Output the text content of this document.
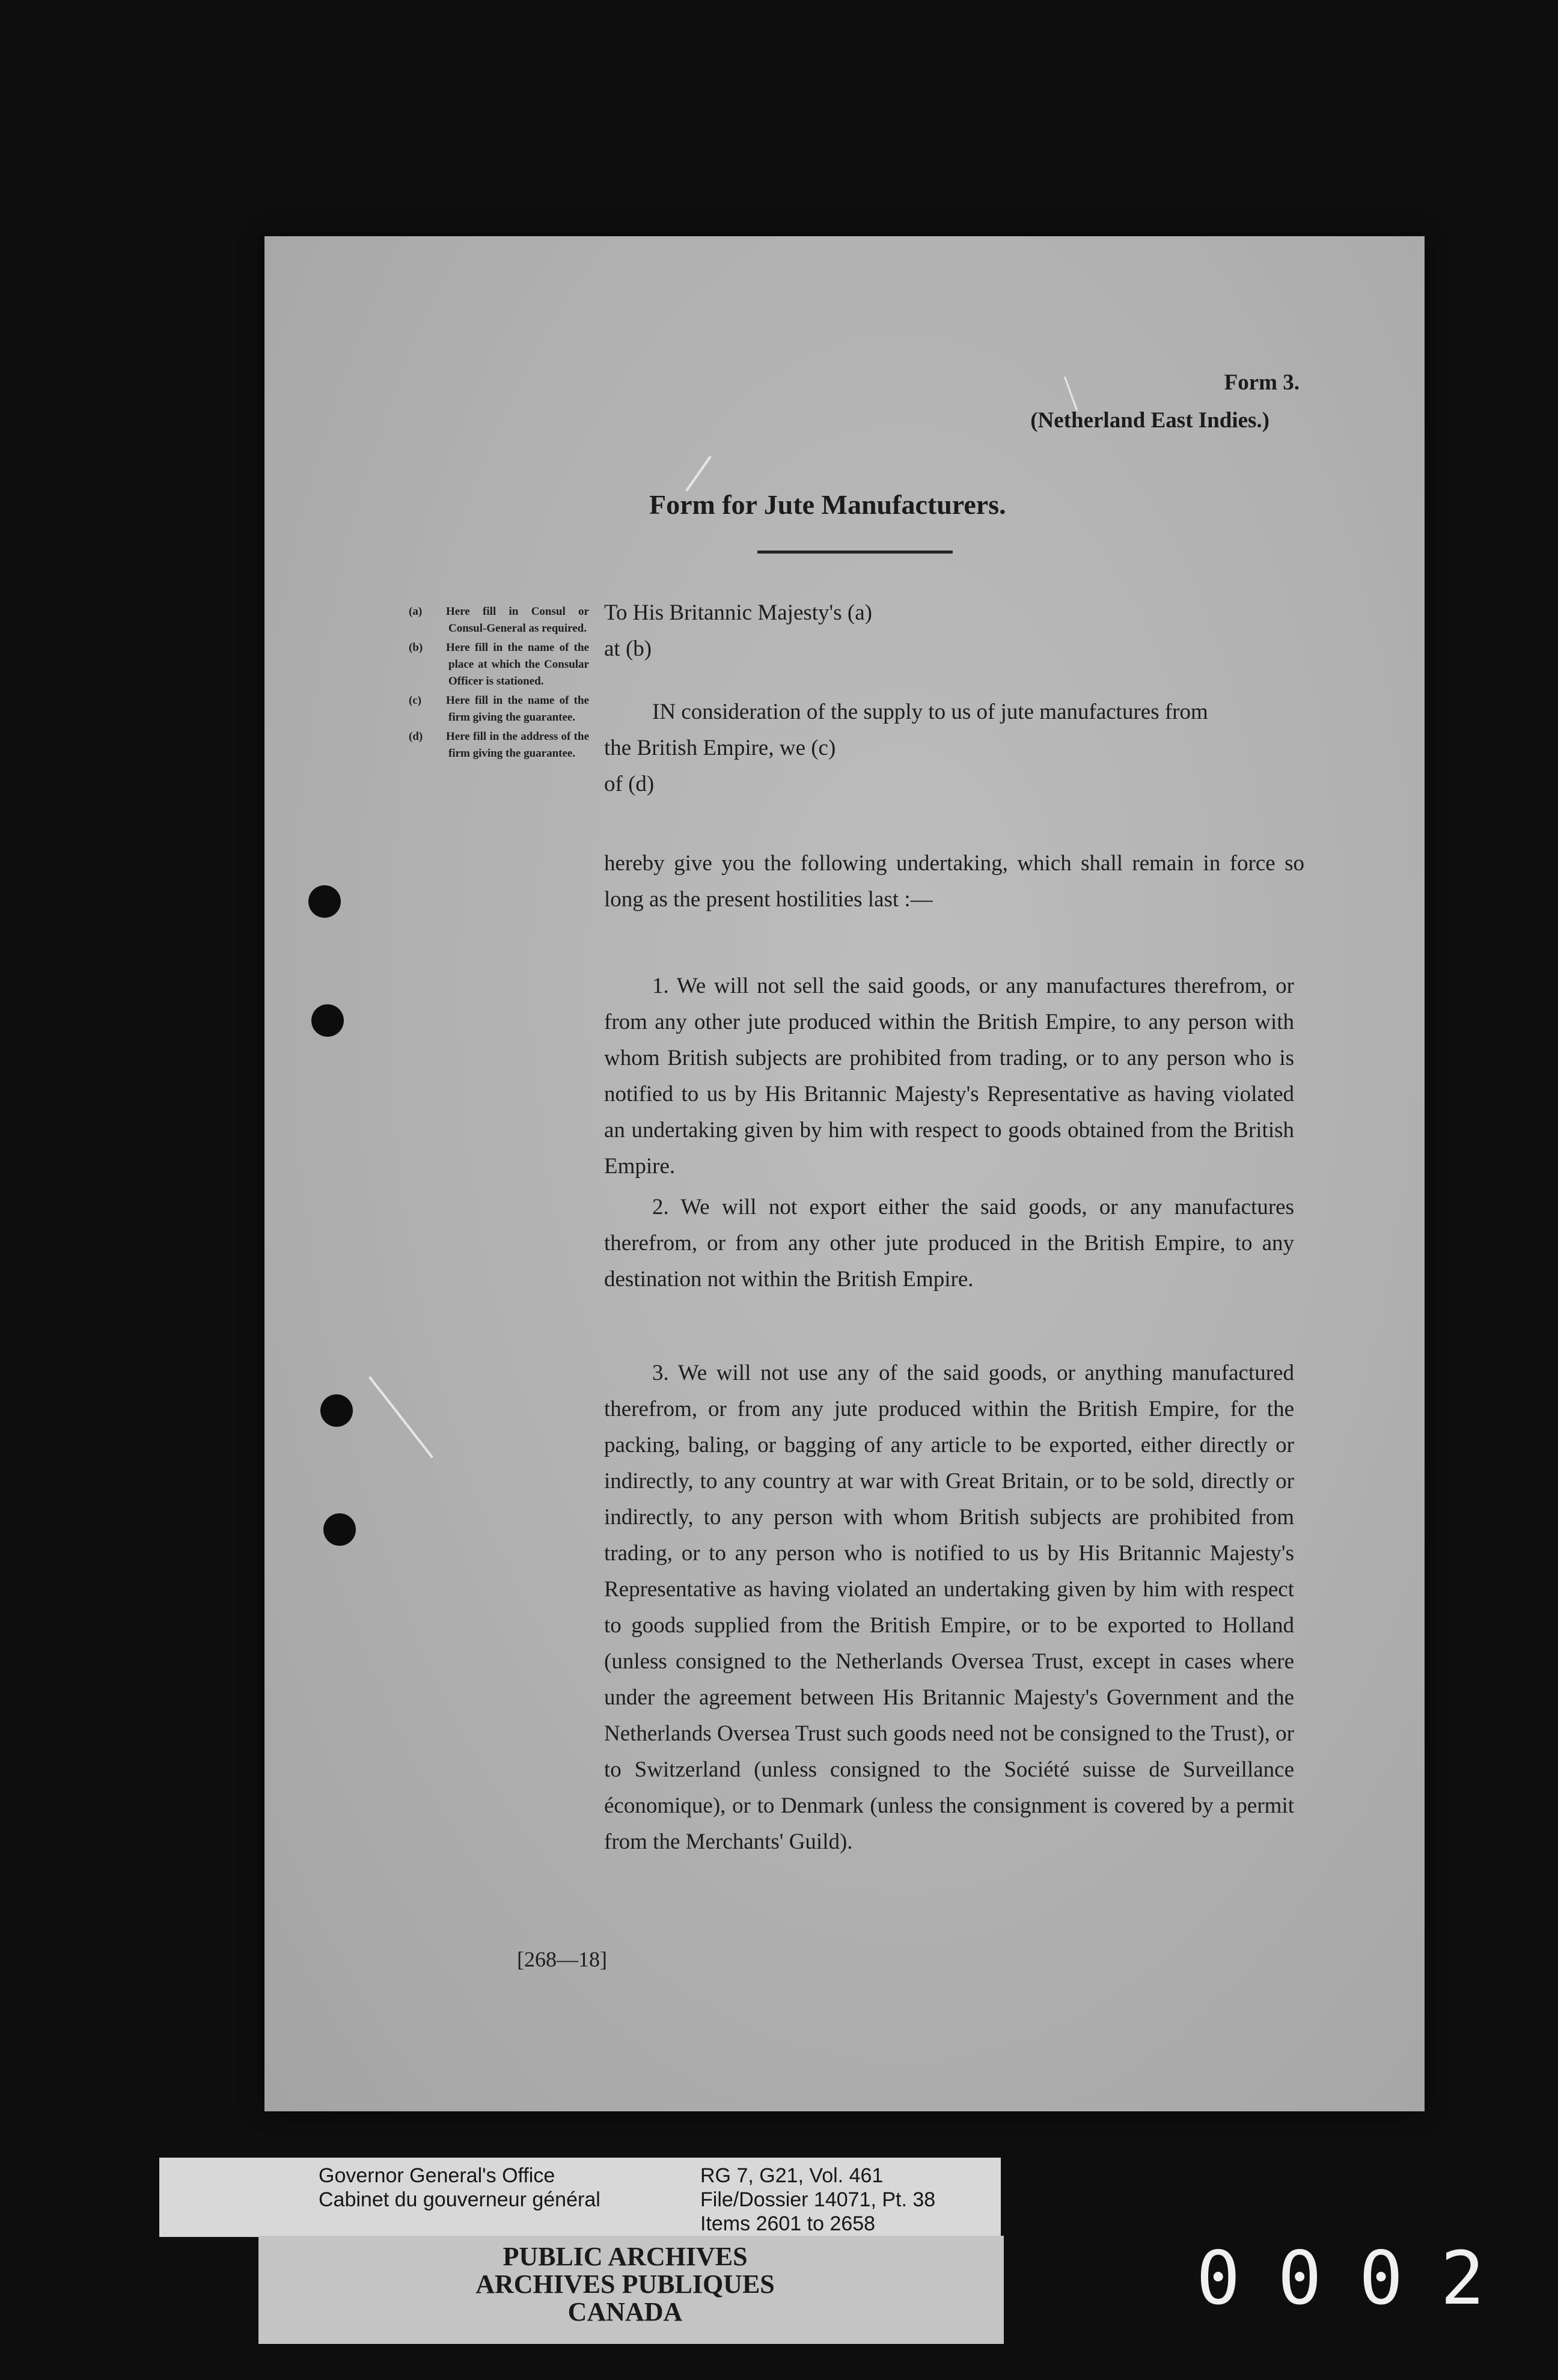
Form 3.
(Netherland East Indies.)
Form for Jute Manufacturers.
(a) Here fill in Consul or Consul-General as required.
(b) Here fill in the name of the place at which the Consular Officer is stationed.
(c) Here fill in the name of the firm giving the guarantee.
(d) Here fill in the address of the firm giving the guarantee.
To His Britannic Majesty's (a)
at (b)
IN consideration of the supply to us of jute manufactures from
the British Empire, we (c)
of (d)
hereby give you the following undertaking, which shall remain in force so long as the present hostilities last :—
1. We will not sell the said goods, or any manufactures therefrom, or from any other jute produced within the British Empire, to any person with whom British subjects are prohibited from trading, or to any person who is notified to us by His Britannic Majesty's Representative as having violated an undertaking given by him with respect to goods obtained from the British Empire.
2. We will not export either the said goods, or any manufactures therefrom, or from any other jute produced in the British Empire, to any destination not within the British Empire.
3. We will not use any of the said goods, or anything manufactured therefrom, or from any jute produced within the British Empire, for the packing, baling, or bagging of any article to be exported, either directly or indirectly, to any country at war with Great Britain, or to be sold, directly or indirectly, to any person with whom British subjects are prohibited from trading, or to any person who is notified to us by His Britannic Majesty's Representative as having violated an undertaking given by him with respect to goods supplied from the British Empire, or to be exported to Holland (unless consigned to the Netherlands Oversea Trust, except in cases where under the agreement between His Britannic Majesty's Government and the Netherlands Oversea Trust such goods need not be consigned to the Trust), or to Switzerland (unless consigned to the Société suisse de Surveillance économique), or to Denmark (unless the consignment is covered by a permit from the Merchants' Guild).
[268—18]
Governor General's Office
Cabinet du gouverneur général
RG 7, G21, Vol. 461
File/Dossier 14071, Pt. 38
Items 2601 to 2658
PUBLIC ARCHIVES
ARCHIVES PUBLIQUES
CANADA	0002
